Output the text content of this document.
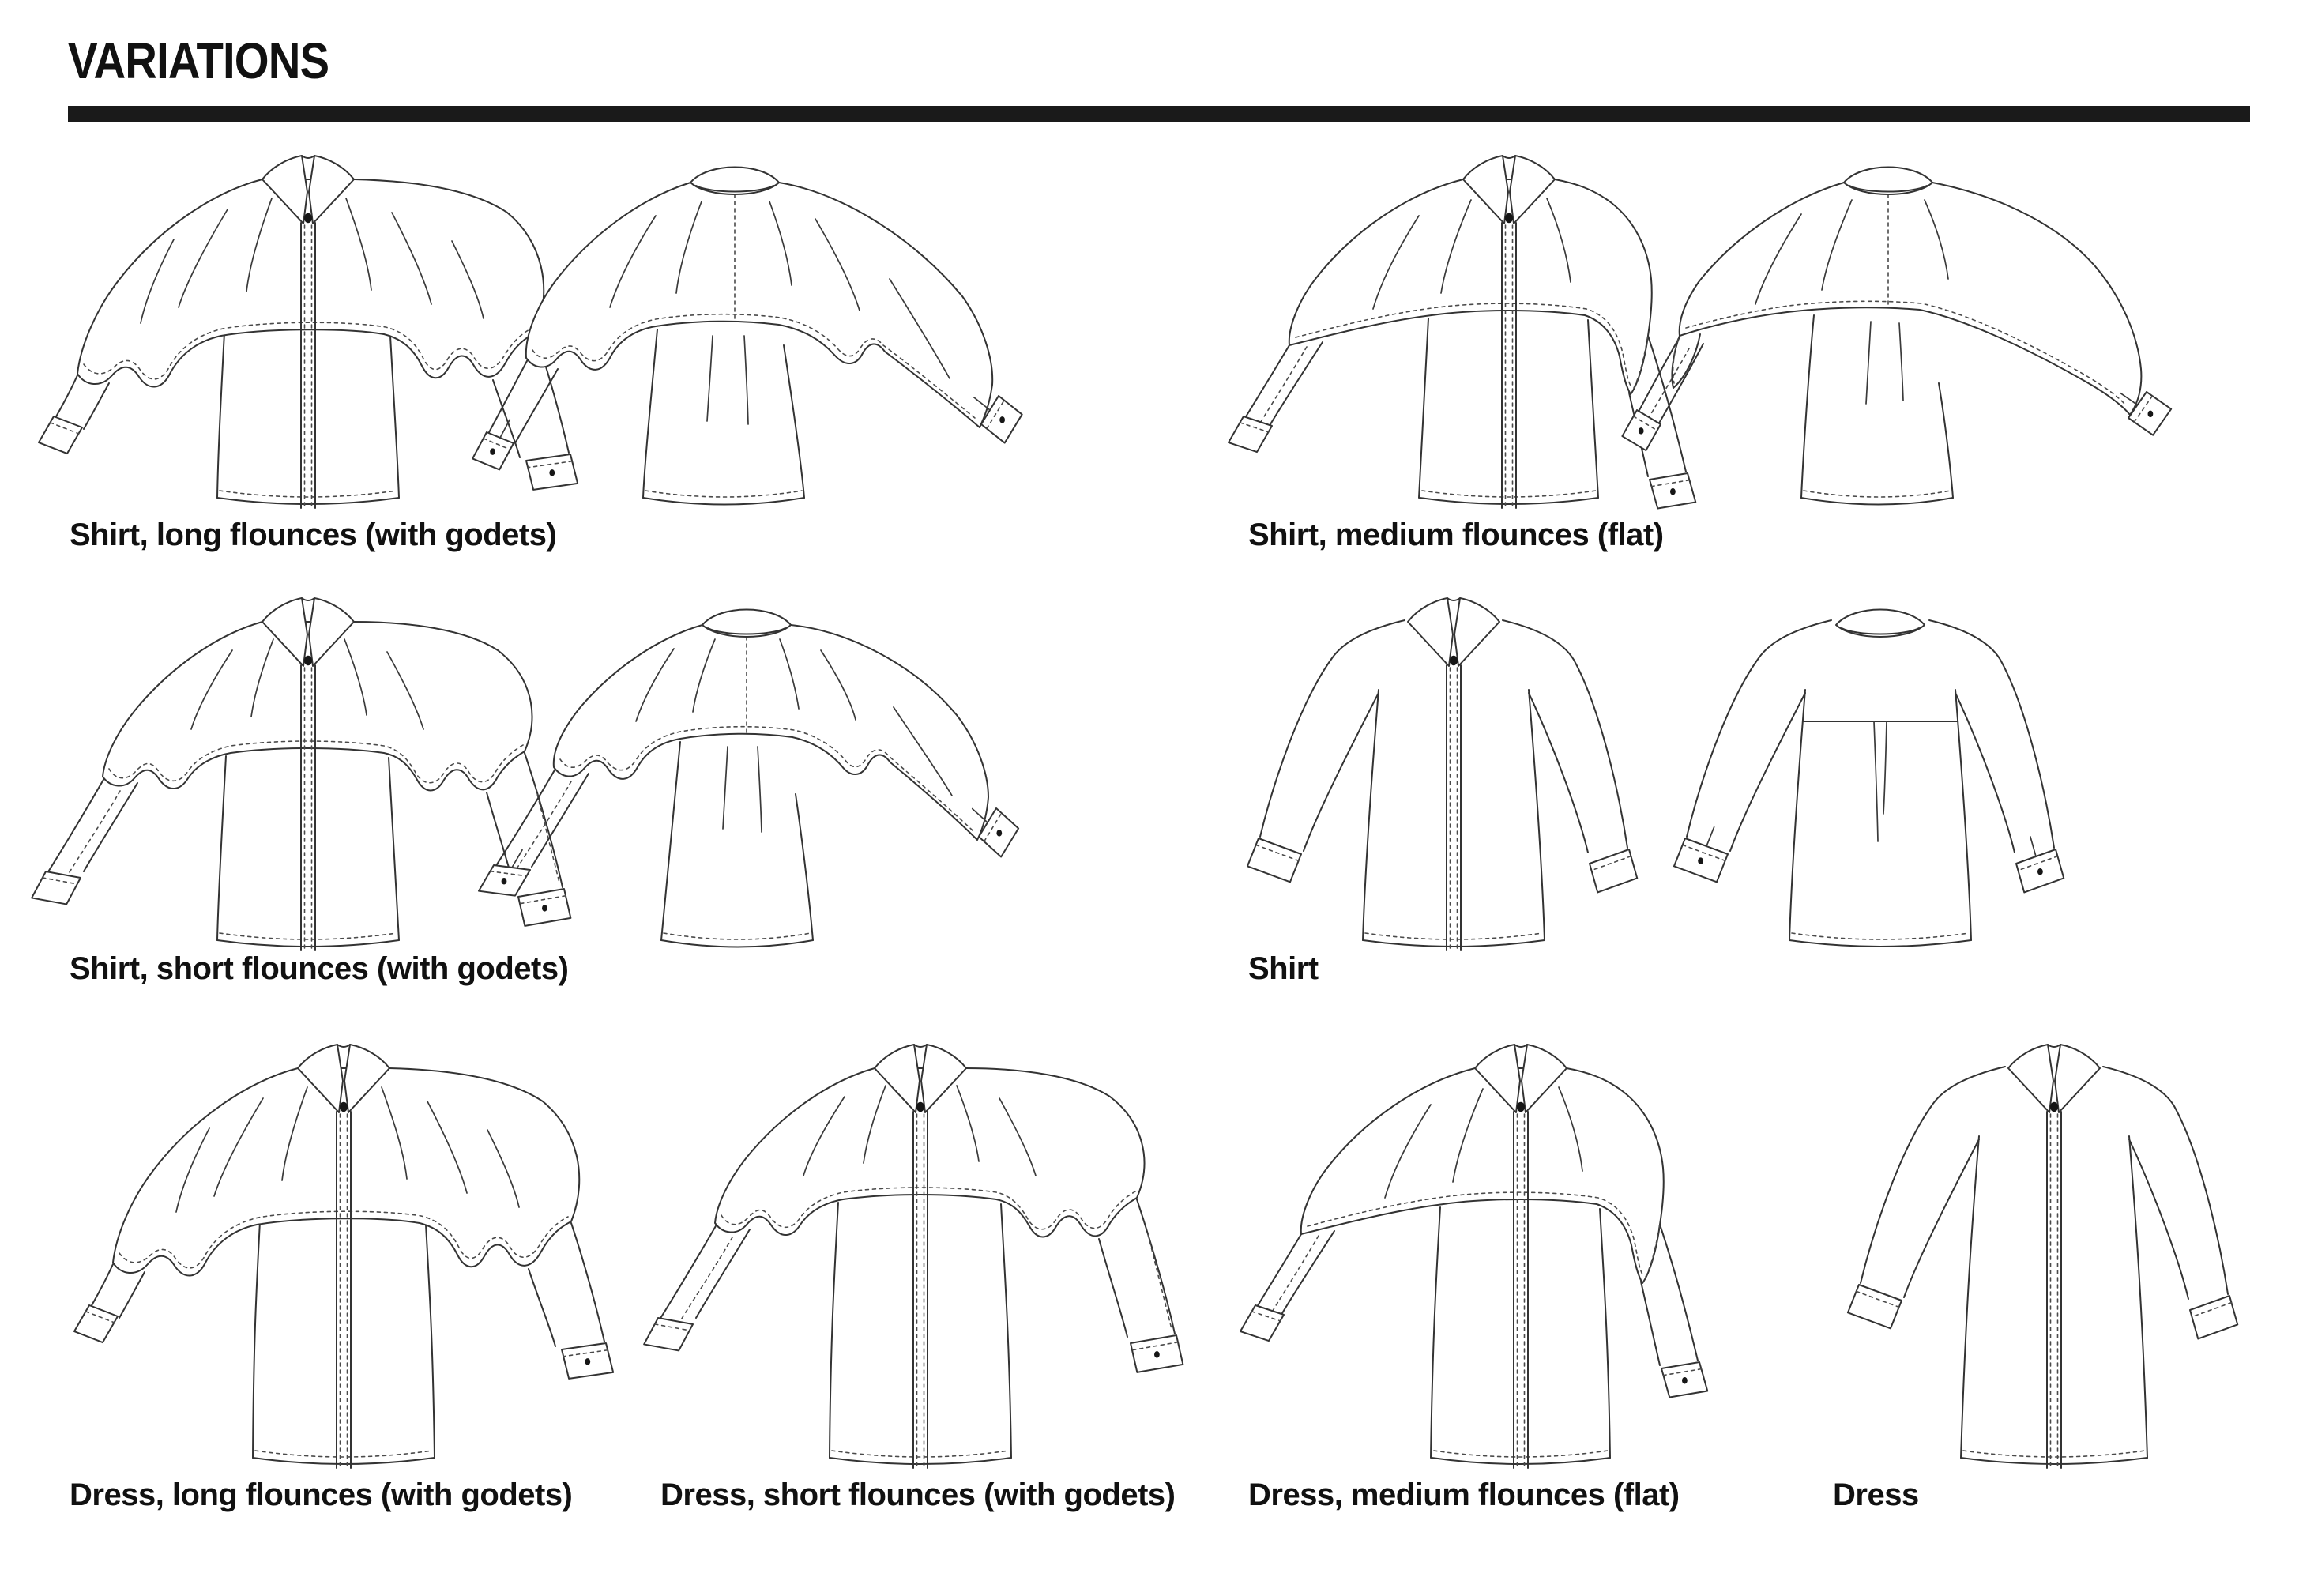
VARIATIONS
Shirt, long flounces (with godets)	Shirt, medium flounces (flat)
Shirt, short flounces (with godets)	Shirt
Dress, long flounces (with godets)	Dress, short flounces (with godets) Dress, medium flounces (flat)	Dress
